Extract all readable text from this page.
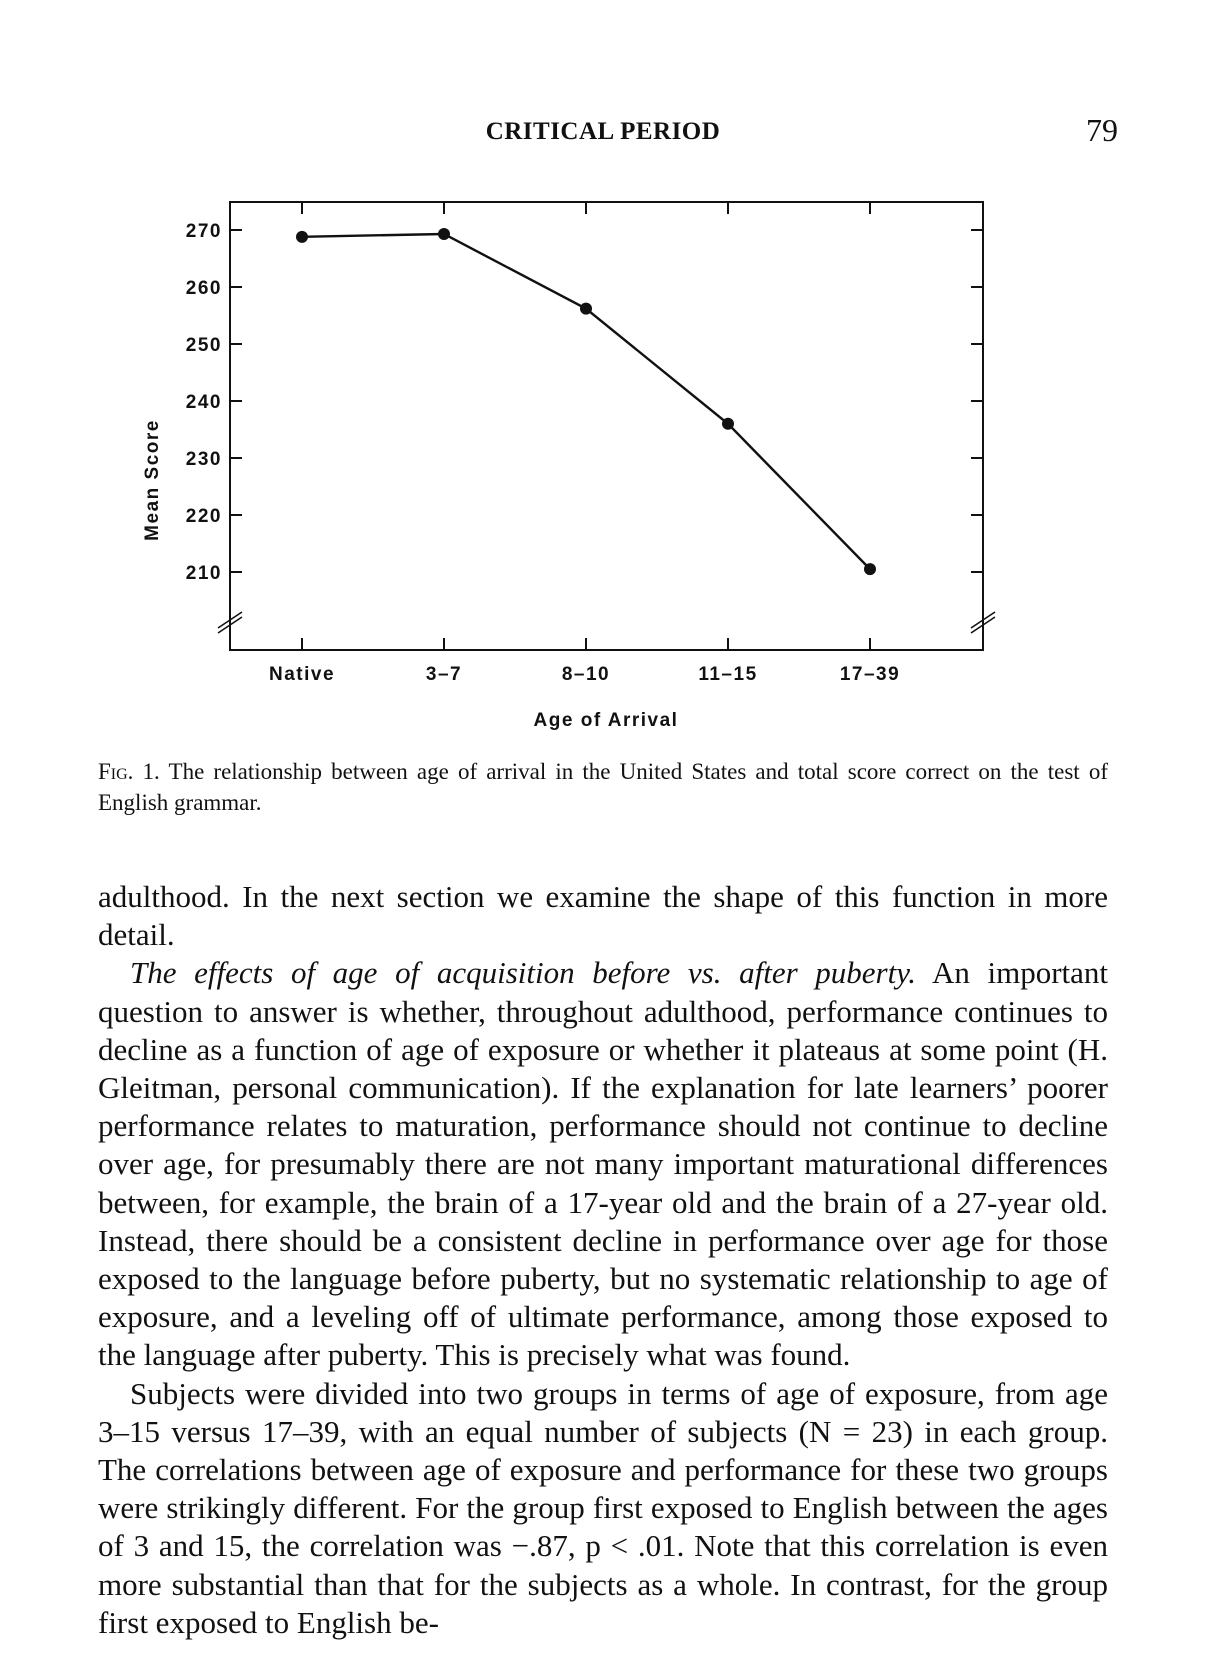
CRITICAL PERIOD	79
270
260
250
240
230
220
210
Native	3–7	8–10	11–15	17–39
Mean Score
Age of Arrival
Fig. 1. The relationship between age of arrival in the United States and total score correct on the test of English grammar.

adulthood. In the next section we examine the shape of this function in more detail.

The effects of age of acquisition before vs. after puberty. An important question to answer is whether, throughout adulthood, performance continues to decline as a function of age of exposure or whether it plateaus at some point (H. Gleitman, personal communication). If the explanation for late learners’ poorer performance relates to maturation, performance should not continue to decline over age, for presumably there are not many important maturational differences between, for example, the brain of a 17-year old and the brain of a 27-year old. Instead, there should be a consistent decline in performance over age for those exposed to the language before puberty, but no systematic relationship to age of exposure, and a leveling off of ultimate performance, among those exposed to the language after puberty. This is precisely what was found.

Subjects were divided into two groups in terms of age of exposure, from age 3–15 versus 17–39, with an equal number of subjects (N = 23) in each group. The correlations between age of exposure and performance for these two groups were strikingly different. For the group first exposed to English between the ages of 3 and 15, the correlation was −.87, p < .01. Note that this correlation is even more substantial than that for the subjects as a whole. In contrast, for the group first exposed to English be-
